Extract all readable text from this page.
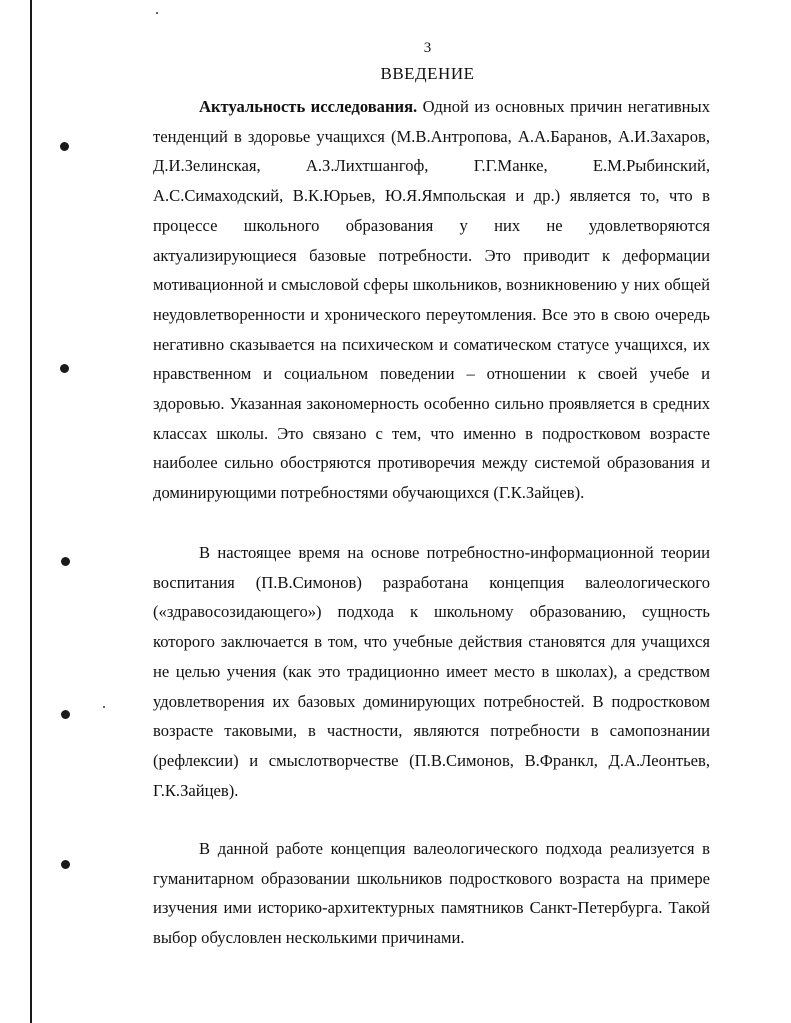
3
ВВЕДЕНИЕ
Актуальность исследования. Одной из основных причин негативных тенденций в здоровье учащихся (М.В.Антропова, А.А.Баранов, А.И.Захаров, Д.И.Зелинская, А.З.Лихтшангоф, Г.Г.Манке, Е.М.Рыбинский, А.С.Симаходский, В.К.Юрьев, Ю.Я.Ямпольская и др.) является то, что в процессе школьного образования у них не удовлетворяются актуализирующиеся базовые потребности. Это приводит к деформации мотивационной и смысловой сферы школьников, возникновению у них общей неудовлетворенности и хронического переутомления. Все это в свою очередь негативно сказывается на психическом и соматическом статусе учащихся, их нравственном и социальном поведении – отношении к своей учебе и здоровью. Указанная закономерность особенно сильно проявляется в средних классах школы. Это связано с тем, что именно в подростковом возрасте наиболее сильно обостряются противоречия между системой образования и доминирующими потребностями обучающихся (Г.К.Зайцев).
В настоящее время на основе потребностно-информационной теории воспитания (П.В.Симонов) разработана концепция валеологического («здравосозидающего») подхода к школьному образованию, сущность которого заключается в том, что учебные действия становятся для учащихся не целью учения (как это традиционно имеет место в школах), а средством удовлетворения их базовых доминирующих потребностей. В подростковом возрасте таковыми, в частности, являются потребности в самопознании (рефлексии) и смыслотворчестве (П.В.Симонов, В.Франкл, Д.А.Леонтьев, Г.К.Зайцев).
В данной работе концепция валеологического подхода реализуется в гуманитарном образовании школьников подросткового возраста на примере изучения ими историко-архитектурных памятников Санкт-Петербурга. Такой выбор обусловлен несколькими причинами.
